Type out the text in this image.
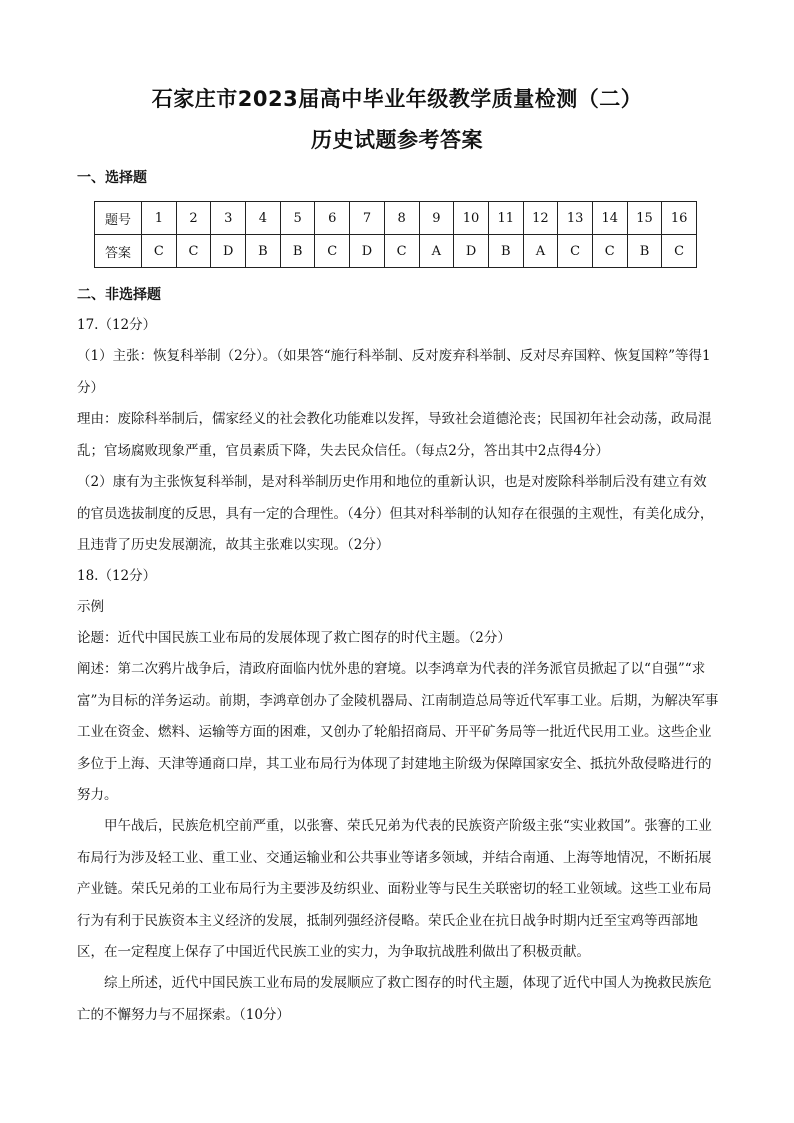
石家庄市2023届高中毕业年级教学质量检测（二）
历史试题参考答案
一、选择题
题号	1	2	3	4	5	6	7	8	9	10	11	12	13	14	15	16
答案	C	C	D	B	B	C	D	C	A	D	B	A	C	C	B	C
二、非选择题

17.（12分）

（1）主张：恢复科举制（2分）。（如果答“施行科举制、反对废弃科举制、反对尽弃国粹、恢复国粹”等得1分）

理由：废除科举制后，儒家经义的社会教化功能难以发挥，导致社会道德沦丧；民国初年社会动荡，政局混乱；官场腐败现象严重，官员素质下降，失去民众信任。（每点2分，答出其中2点得4分）

（2）康有为主张恢复科举制，是对科举制历史作用和地位的重新认识，也是对废除科举制后没有建立有效的官员选拔制度的反思，具有一定的合理性。（4分）但其对科举制的认知存在很强的主观性，有美化成分，且违背了历史发展潮流，故其主张难以实现。（2分）

18.（12分）

示例

论题：近代中国民族工业布局的发展体现了救亡图存的时代主题。（2分）

阐述：第二次鸦片战争后，清政府面临内忧外患的窘境。以李鸿章为代表的洋务派官员掀起了以“自强”“求富”为目标的洋务运动。前期，李鸿章创办了金陵机器局、江南制造总局等近代军事工业。后期，为解决军事工业在资金、燃料、运输等方面的困难，又创办了轮船招商局、开平矿务局等一批近代民用工业。这些企业多位于上海、天津等通商口岸，其工业布局行为体现了封建地主阶级为保障国家安全、抵抗外敌侵略进行的努力。

甲午战后，民族危机空前严重，以张謇、荣氏兄弟为代表的民族资产阶级主张“实业救国”。张謇的工业布局行为涉及轻工业、重工业、交通运输业和公共事业等诸多领域，并结合南通、上海等地情况，不断拓展产业链。荣氏兄弟的工业布局行为主要涉及纺织业、面粉业等与民生关联密切的轻工业领域。这些工业布局行为有利于民族资本主义经济的发展，抵制列强经济侵略。荣氏企业在抗日战争时期内迁至宝鸡等西部地区，在一定程度上保存了中国近代民族工业的实力，为争取抗战胜利做出了积极贡献。

综上所述，近代中国民族工业布局的发展顺应了救亡图存的时代主题，体现了近代中国人为挽救民族危亡的不懈努力与不屈探索。（10分）
